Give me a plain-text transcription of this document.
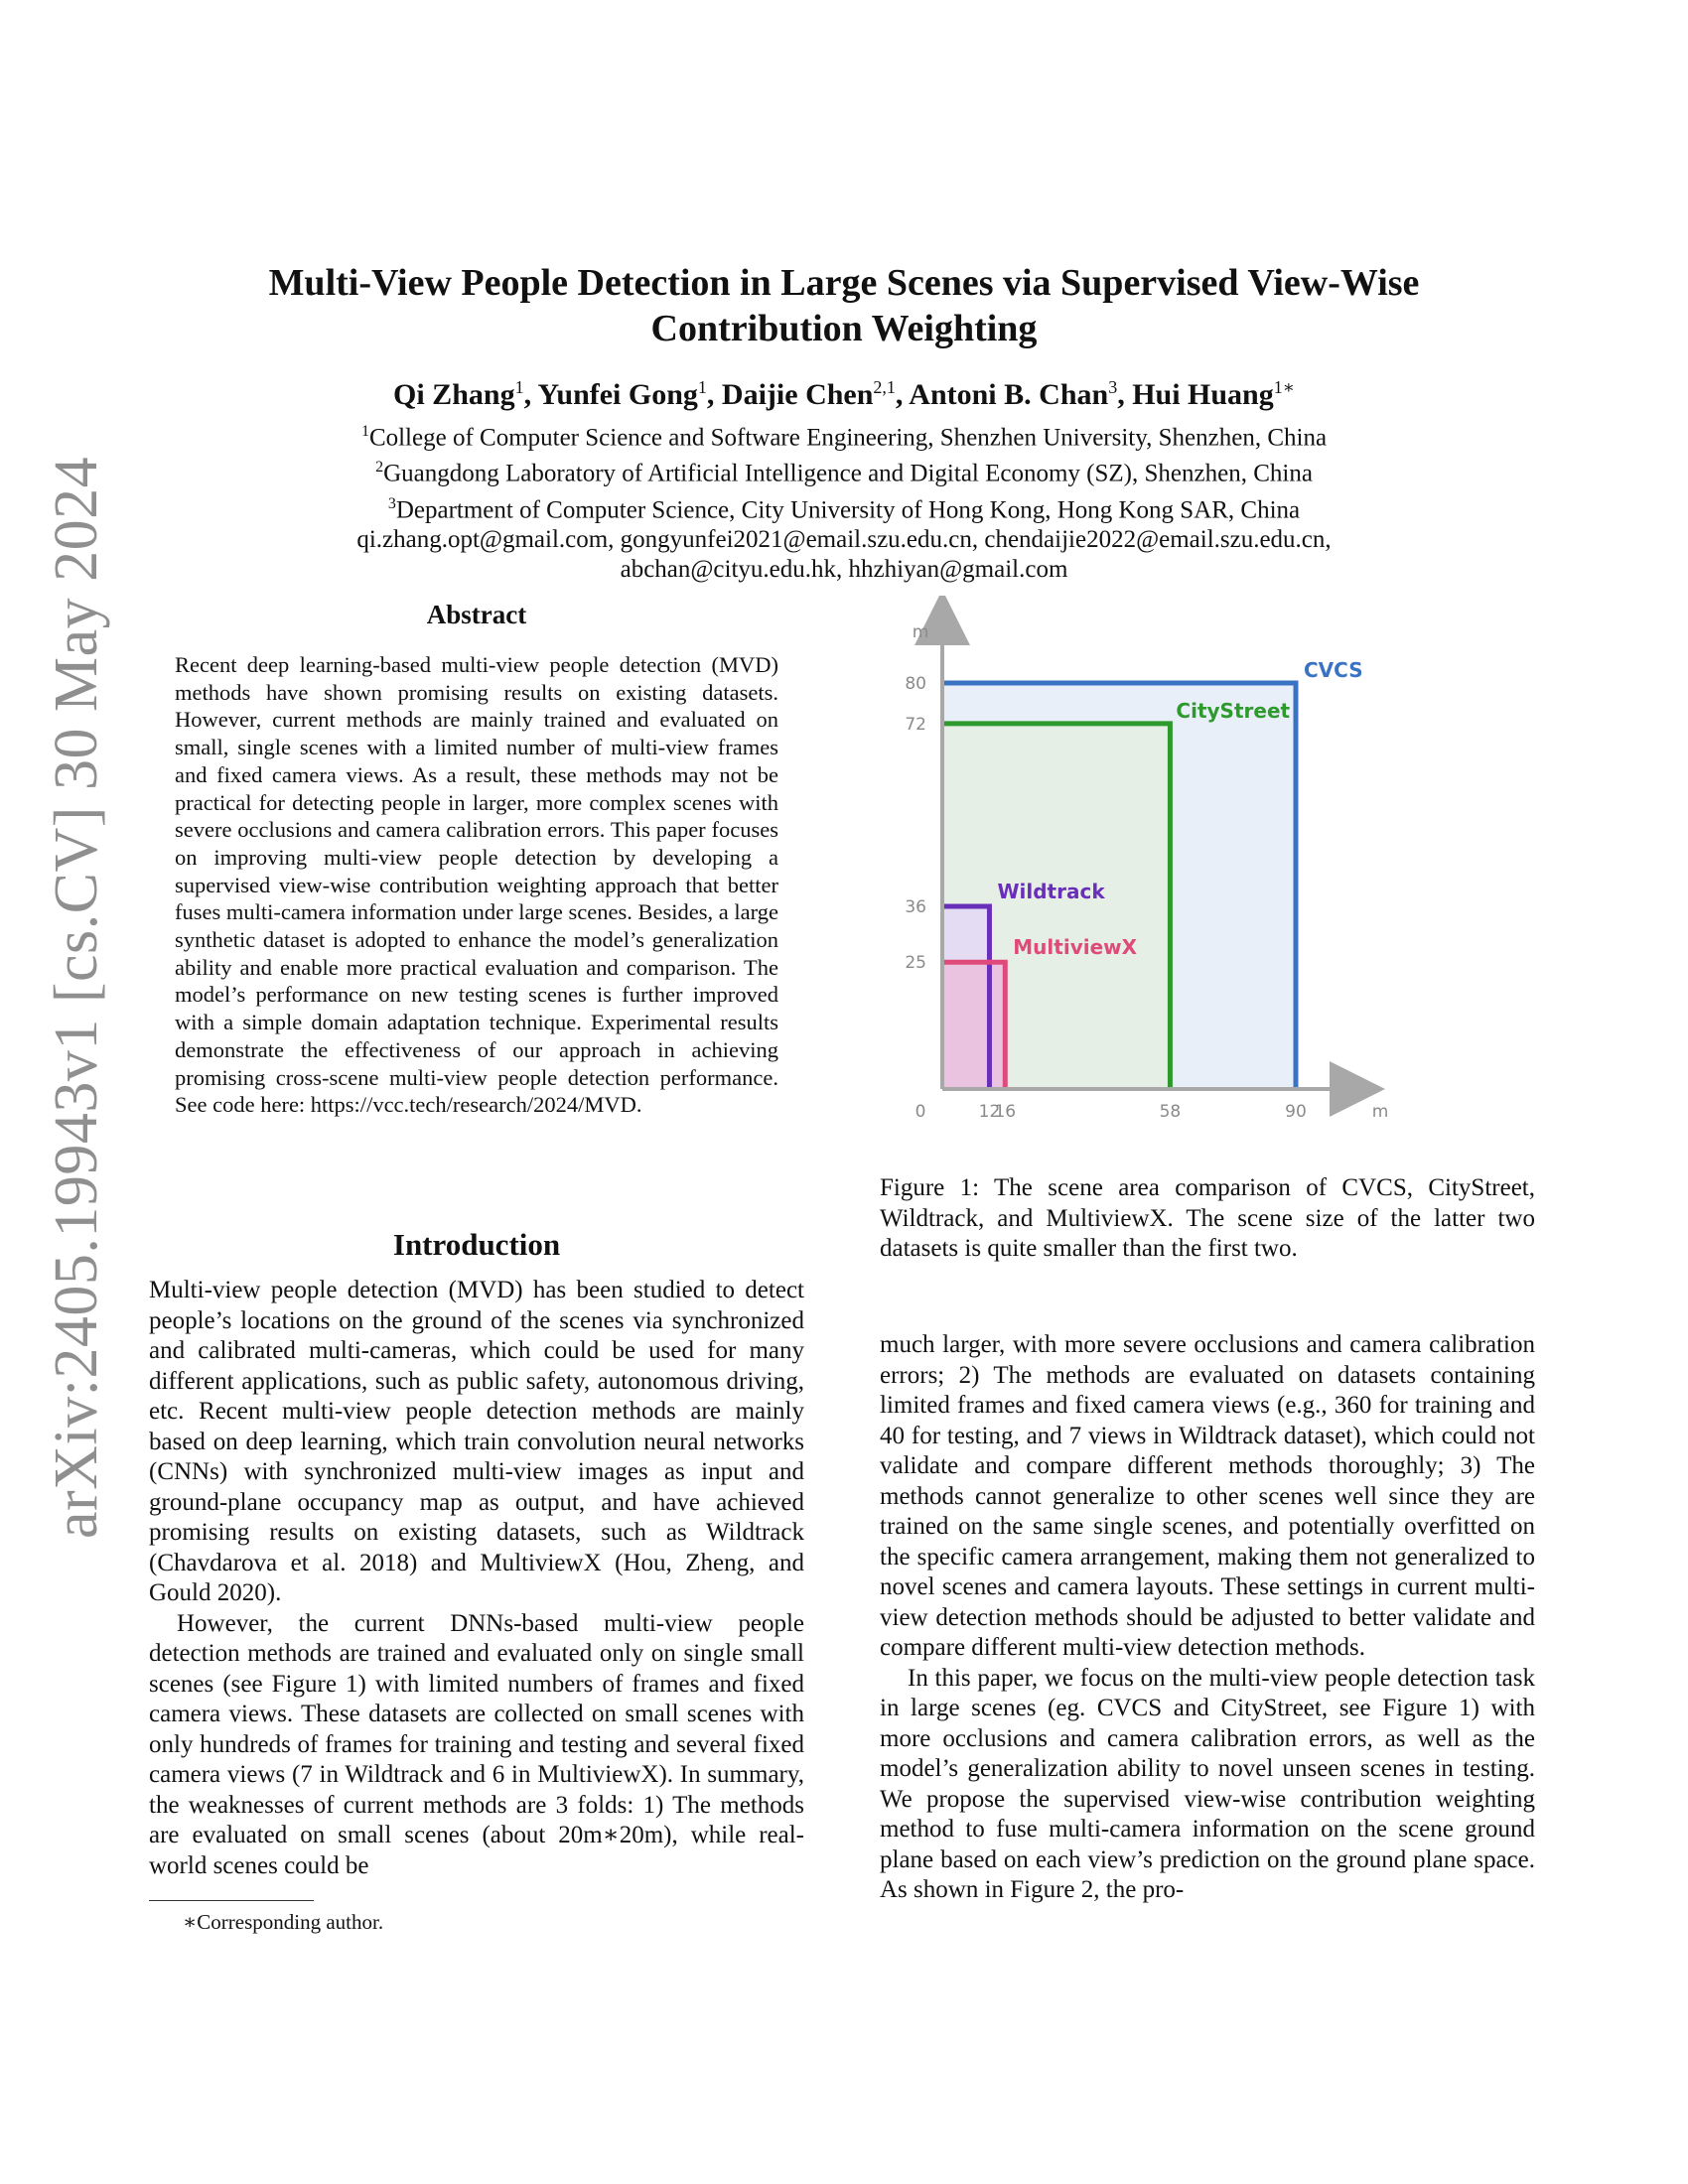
arXiv:2405.19943v1 [cs.CV] 30 May 2024
Multi-View People Detection in Large Scenes via Supervised View-Wise
Contribution Weighting
Qi Zhang$^1$, Yunfei Gong$^1$, Daijie Chen$^{2,1}$, Antoni B. Chan$^3$, Hui Huang$^{1∗}$
$^1$College of Computer Science and Software Engineering, Shenzhen University, Shenzhen, China
$^2$Guangdong Laboratory of Artificial Intelligence and Digital Economy (SZ), Shenzhen, China
$^3$Department of Computer Science, City University of Hong Kong, Hong Kong SAR, China
qi.zhang.opt@gmail.com, gongyunfei2021@email.szu.edu.cn, chendaijie2022@email.szu.edu.cn,
abchan@cityu.edu.hk, hhzhiyan@gmail.com
Abstract
Recent deep learning-based multi-view people detection (MVD) methods have shown promising results on existing datasets. However, current methods are mainly trained and evaluated on small, single scenes with a limited number of multi-view frames and fixed camera views. As a result, these methods may not be practical for detecting people in larger, more complex scenes with severe occlusions and camera calibration errors. This paper focuses on improving multi-view people detection by developing a supervised view-wise contribution weighting approach that better fuses multi-camera information under large scenes. Besides, a large synthetic dataset is adopted to enhance the model’s generalization ability and enable more practical evaluation and comparison. The model’s performance on new testing scenes is further improved with a simple domain adaptation technique. Experimental results demonstrate the effectiveness of our approach in achieving promising cross-scene multi-view people detection performance. See code here: https://vcc.tech/research/2024/MVD.
Introduction

Multi-view people detection (MVD) has been studied to detect people’s locations on the ground of the scenes via synchronized and calibrated multi-cameras, which could be used for many different applications, such as public safety, autonomous driving, etc. Recent multi-view people detection methods are mainly based on deep learning, which train convolution neural networks (CNNs) with synchronized multi-view images as input and ground-plane occupancy map as output, and have achieved promising results on existing datasets, such as Wildtrack (Chavdarova et al. 2018) and MultiviewX (Hou, Zheng, and Gould 2020).

However, the current DNNs-based multi-view people detection methods are trained and evaluated only on single small scenes (see Figure 1) with limited numbers of frames and fixed camera views. These datasets are collected on small scenes with only hundreds of frames for training and testing and several fixed camera views (7 in Wildtrack and 6 in MultiviewX). In summary, the weaknesses of current methods are 3 folds: 1) The methods are evaluated on small scenes (about 20m∗20m), while real-world scenes could be

∗Corresponding author.
CVCS
CityStreet
Wildtrack
MultiviewX
25
36
72
80
12
16	58	90
0
m
m
Figure 1: The scene area comparison of CVCS, CityStreet, Wildtrack, and MultiviewX. The scene size of the latter two datasets is quite smaller than the first two.

much larger, with more severe occlusions and camera calibration errors; 2) The methods are evaluated on datasets containing limited frames and fixed camera views (e.g., 360 for training and 40 for testing, and 7 views in Wildtrack dataset), which could not validate and compare different methods thoroughly; 3) The methods cannot generalize to other scenes well since they are trained on the same single scenes, and potentially overfitted on the specific camera arrangement, making them not generalized to novel scenes and camera layouts. These settings in current multi-view detection methods should be adjusted to better validate and compare different multi-view detection methods.

In this paper, we focus on the multi-view people detection task in large scenes (eg. CVCS and CityStreet, see Figure 1) with more occlusions and camera calibration errors, as well as the model’s generalization ability to novel unseen scenes in testing. We propose the supervised view-wise contribution weighting method to fuse multi-camera information on the scene ground plane based on each view’s prediction on the ground plane space. As shown in Figure 2, the pro-
